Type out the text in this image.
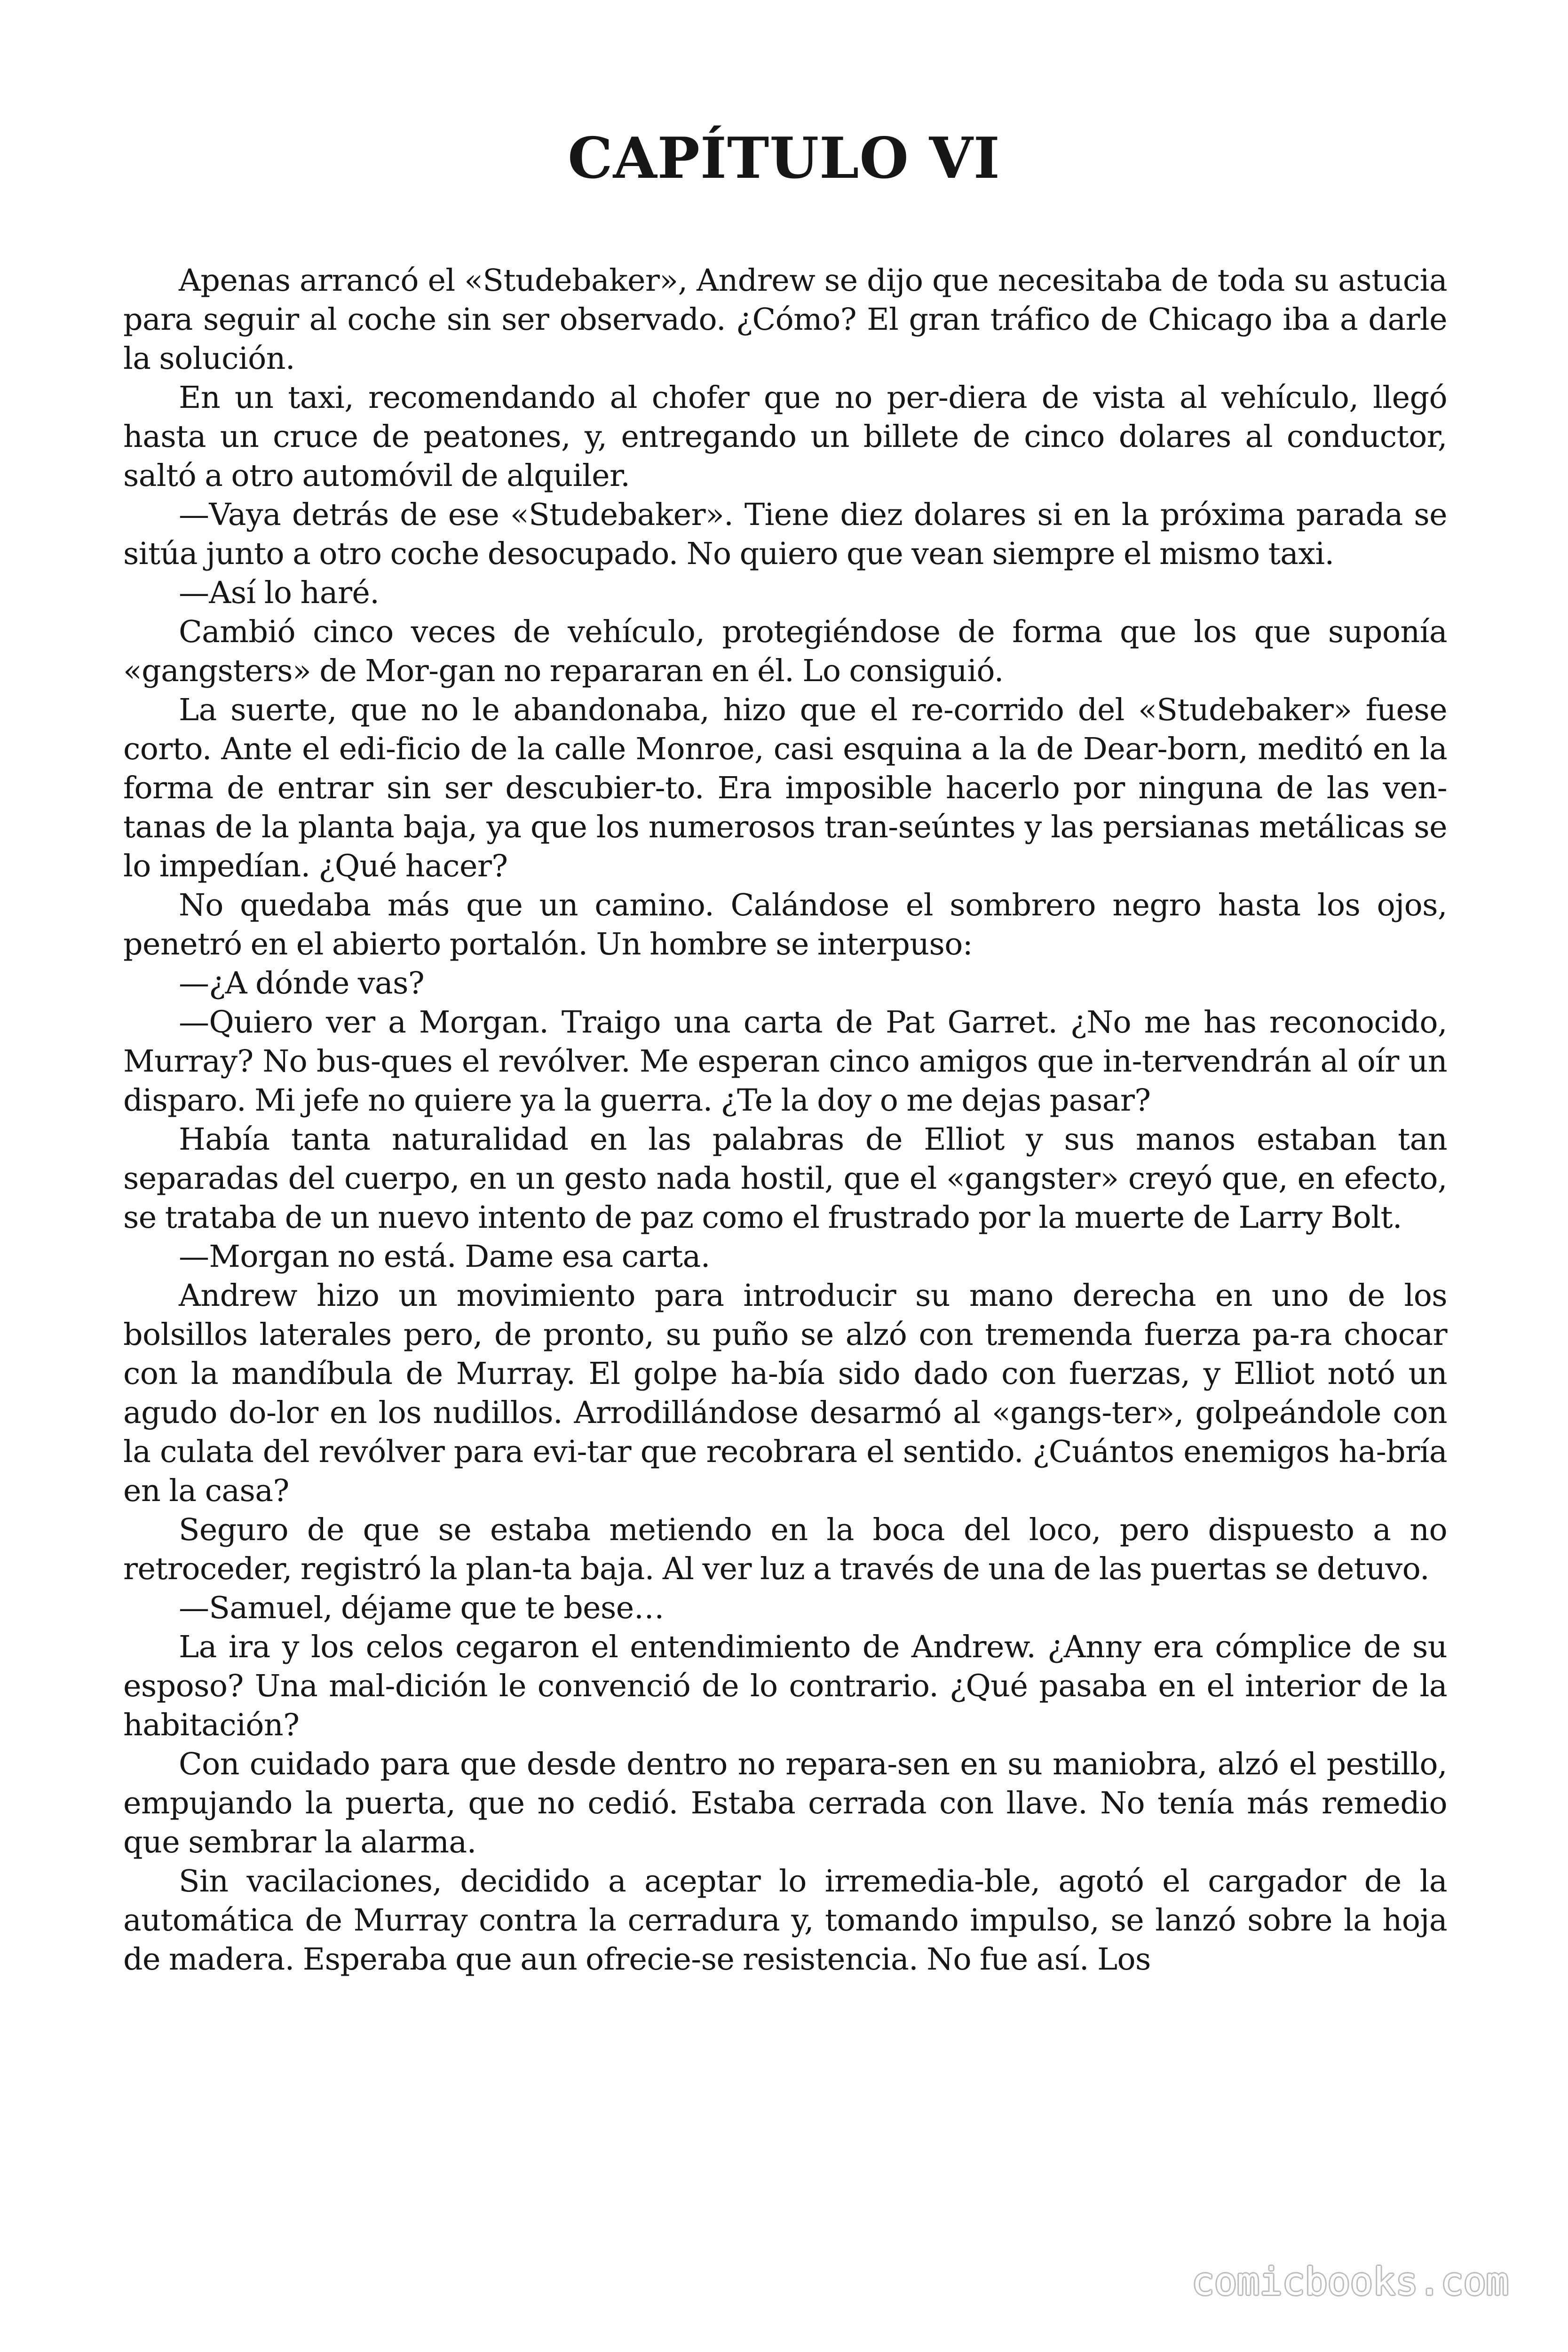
CAPÍTULO VI

Apenas arrancó el «Studebaker», Andrew se dijo que necesitaba de toda su astucia para seguir al coche sin ser observado. ¿Cómo? El gran tráfico de Chicago iba a darle la solución.

En un taxi, recomendando al chofer que no per-diera de vista al vehículo, llegó hasta un cruce de peatones, y, entregando un billete de cinco dolares al conductor, saltó a otro automóvil de alquiler.

—Vaya detrás de ese «Studebaker». Tiene diez dolares si en la próxima parada se sitúa junto a otro coche desocupado. No quiero que vean siempre el mismo taxi.

—Así lo haré.

Cambió cinco veces de vehículo, protegiéndose de forma que los que suponía «gangsters» de Mor-gan no repararan en él. Lo consiguió.

La suerte, que no le abandonaba, hizo que el re-corrido del «Studebaker» fuese corto. Ante el edi-ficio de la calle Monroe, casi esquina a la de Dear-born, meditó en la forma de entrar sin ser descubier-to. Era imposible hacerlo por ninguna de las ven-tanas de la planta baja, ya que los numerosos tran-seúntes y las persianas metálicas se lo impedían. ¿Qué hacer?

No quedaba más que un camino. Calándose el sombrero negro hasta los ojos, penetró en el abierto portalón. Un hombre se interpuso:

—¿A dónde vas?

—Quiero ver a Morgan. Traigo una carta de Pat Garret. ¿No me has reconocido, Murray? No bus-ques el revólver. Me esperan cinco amigos que in-tervendrán al oír un disparo. Mi jefe no quiere ya la guerra. ¿Te la doy o me dejas pasar?

Había tanta naturalidad en las palabras de Elliot y sus manos estaban tan separadas del cuerpo, en un gesto nada hostil, que el «gangster» creyó que, en efecto, se trataba de un nuevo intento de paz como el frustrado por la muerte de Larry Bolt.

—Morgan no está. Dame esa carta.

Andrew hizo un movimiento para introducir su mano derecha en uno de los bolsillos laterales pero, de pronto, su puño se alzó con tremenda fuerza pa-ra chocar con la mandíbula de Murray. El golpe ha-bía sido dado con fuerzas, y Elliot notó un agudo do-lor en los nudillos. Arrodillándose desarmó al «gangs-ter», golpeándole con la culata del revólver para evi-tar que recobrara el sentido. ¿Cuántos enemigos ha-bría en la casa?

Seguro de que se estaba metiendo en la boca del loco, pero dispuesto a no retroceder, registró la plan-ta baja. Al ver luz a través de una de las puertas se detuvo.

—Samuel, déjame que te bese…

La ira y los celos cegaron el entendimiento de Andrew. ¿Anny era cómplice de su esposo? Una mal-dición le convenció de lo contrario. ¿Qué pasaba en el interior de la habitación?

Con cuidado para que desde dentro no repara-sen en su maniobra, alzó el pestillo, empujando la puerta, que no cedió. Estaba cerrada con llave. No tenía más remedio que sembrar la alarma.

Sin vacilaciones, decidido a aceptar lo irremedia-ble, agotó el cargador de la automática de Murray contra la cerradura y, tomando impulso, se lanzó sobre la hoja de madera. Esperaba que aun ofrecie-se resistencia. No fue así. Los

comicbooks.com
